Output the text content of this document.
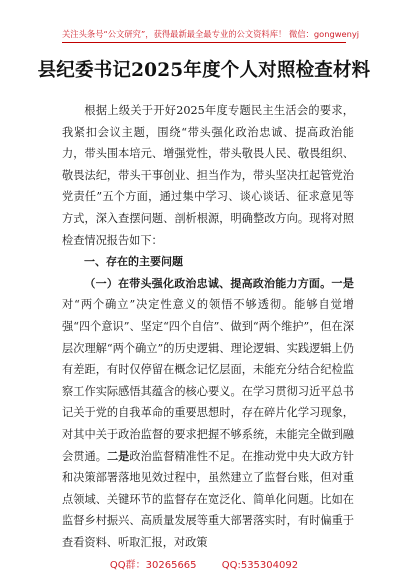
关注头条号“公文研究”，获得最新最全最专业的公文资料库！ 微信：gongwenyj
县纪委书记2025年度个人对照检查材料

根据上级关于开好2025年度专题民主生活会的要求，我紧扣会议主题，围绕“带头强化政治忠诚、提高政治能力，带头围本培元、增强党性，带头敬畏人民、敬畏组织、敬畏法纪，带头干事创业、担当作为，带头坚决扛起管党治党责任”五个方面，通过集中学习、谈心谈话、征求意见等方式，深入查摆问题、剖析根源，明确整改方向。现将对照检查情况报告如下：

一、存在的主要问题

（一）在带头强化政治忠诚、提高政治能力方面。一是对“两个确立”决定性意义的领悟不够透彻。能够自觉增强“四个意识”、坚定“四个自信”、做到“两个维护”，但在深层次理解“两个确立”的历史逻辑、理论逻辑、实践逻辑上仍有差距，有时仅停留在概念记忆层面，未能充分结合纪检监察工作实际感悟其蕴含的核心要义。在学习贯彻习近平总书记关于党的自我革命的重要思想时，存在碎片化学习现象，对其中关于政治监督的要求把握不够系统，未能完全做到融会贯通。二是政治监督精准性不足。在推动党中央大政方针和决策部署落地见效过程中，虽然建立了监督台账，但对重点领域、关键环节的监督存在宽泛化、简单化问题。比如在监督乡村振兴、高质量发展等重大部署落实时，有时偏重于查看资料、听取汇报，对政策

QQ群：30265665	QQ:535304092
